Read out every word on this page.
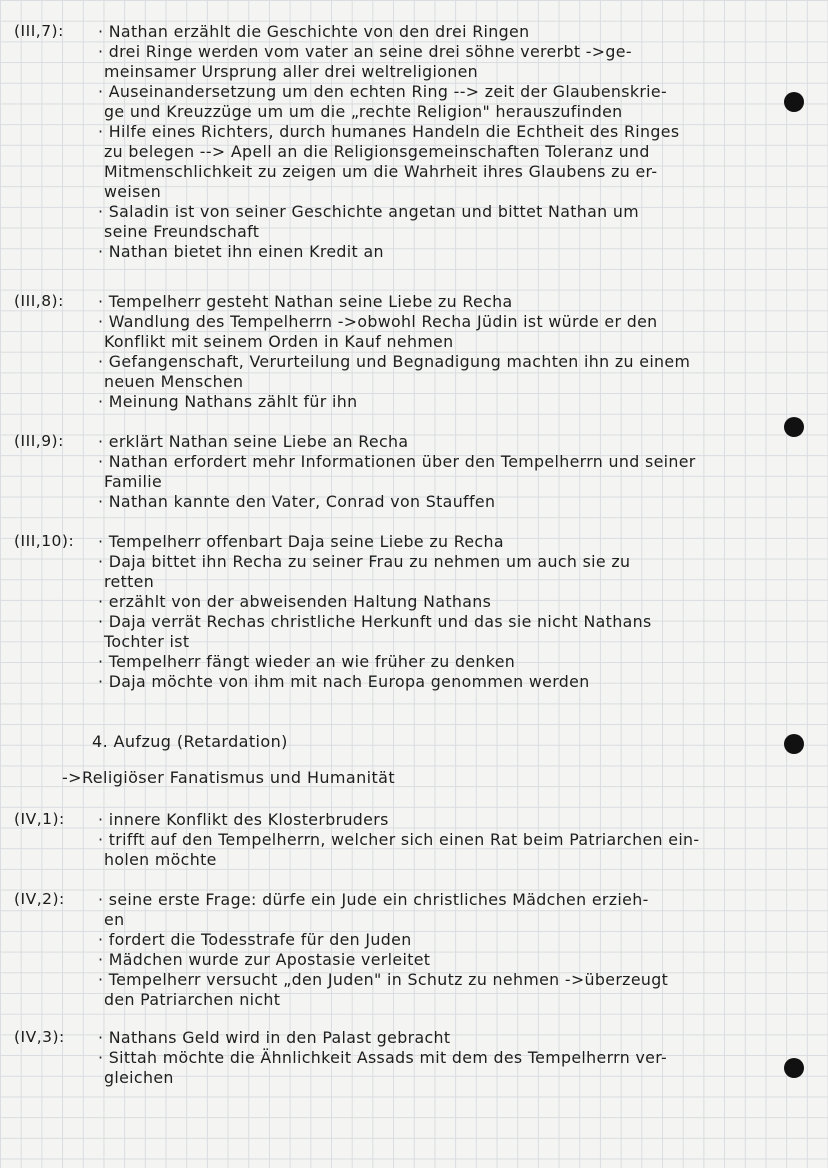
(III,7):	· Nathan erzählt die Geschichte von den drei Ringen
· drei Ringe werden vom vater an seine drei söhne vererbt ->ge-
meinsamer Ursprung aller drei weltreligionen
· Auseinandersetzung um den echten Ring --> zeit der Glaubenskrie-
ge und Kreuzzüge um um die „rechte Religion" herauszufinden
· Hilfe eines Richters, durch humanes Handeln die Echtheit des Ringes
zu belegen --> Apell an die Religionsgemeinschaften Toleranz und
Mitmenschlichkeit zu zeigen um die Wahrheit ihres Glaubens zu er-
weisen
· Saladin ist von seiner Geschichte angetan und bittet Nathan um
seine Freundschaft
· Nathan bietet ihn einen Kredit an
(III,8):	· Tempelherr gesteht Nathan seine Liebe zu Recha
· Wandlung des Tempelherrn ->obwohl Recha Jüdin ist würde er den
Konflikt mit seinem Orden in Kauf nehmen
· Gefangenschaft, Verurteilung und Begnadigung machten ihn zu einem
neuen Menschen
· Meinung Nathans zählt für ihn
(III,9):	· erklärt Nathan seine Liebe an Recha
· Nathan erfordert mehr Informationen über den Tempelherrn und seiner
Familie
· Nathan kannte den Vater, Conrad von Stauffen
(III,10):	· Tempelherr offenbart Daja seine Liebe zu Recha
· Daja bittet ihn Recha zu seiner Frau zu nehmen um auch sie zu
retten
· erzählt von der abweisenden Haltung Nathans
· Daja verrät Rechas christliche Herkunft und das sie nicht Nathans
Tochter ist
· Tempelherr fängt wieder an wie früher zu denken
· Daja möchte von ihm mit nach Europa genommen werden
4. Aufzug (Retardation)
->Religiöser Fanatismus und Humanität
(IV,1):	· innere Konflikt des Klosterbruders
· trifft auf den Tempelherrn, welcher sich einen Rat beim Patriarchen ein-
holen möchte
(IV,2):	· seine erste Frage: dürfe ein Jude ein christliches Mädchen erzieh-
en
· fordert die Todesstrafe für den Juden
· Mädchen wurde zur Apostasie verleitet
· Tempelherr versucht „den Juden" in Schutz zu nehmen ->überzeugt
den Patriarchen nicht
(IV,3):	· Nathans Geld wird in den Palast gebracht
· Sittah möchte die Ähnlichkeit Assads mit dem des Tempelherrn ver-
gleichen
